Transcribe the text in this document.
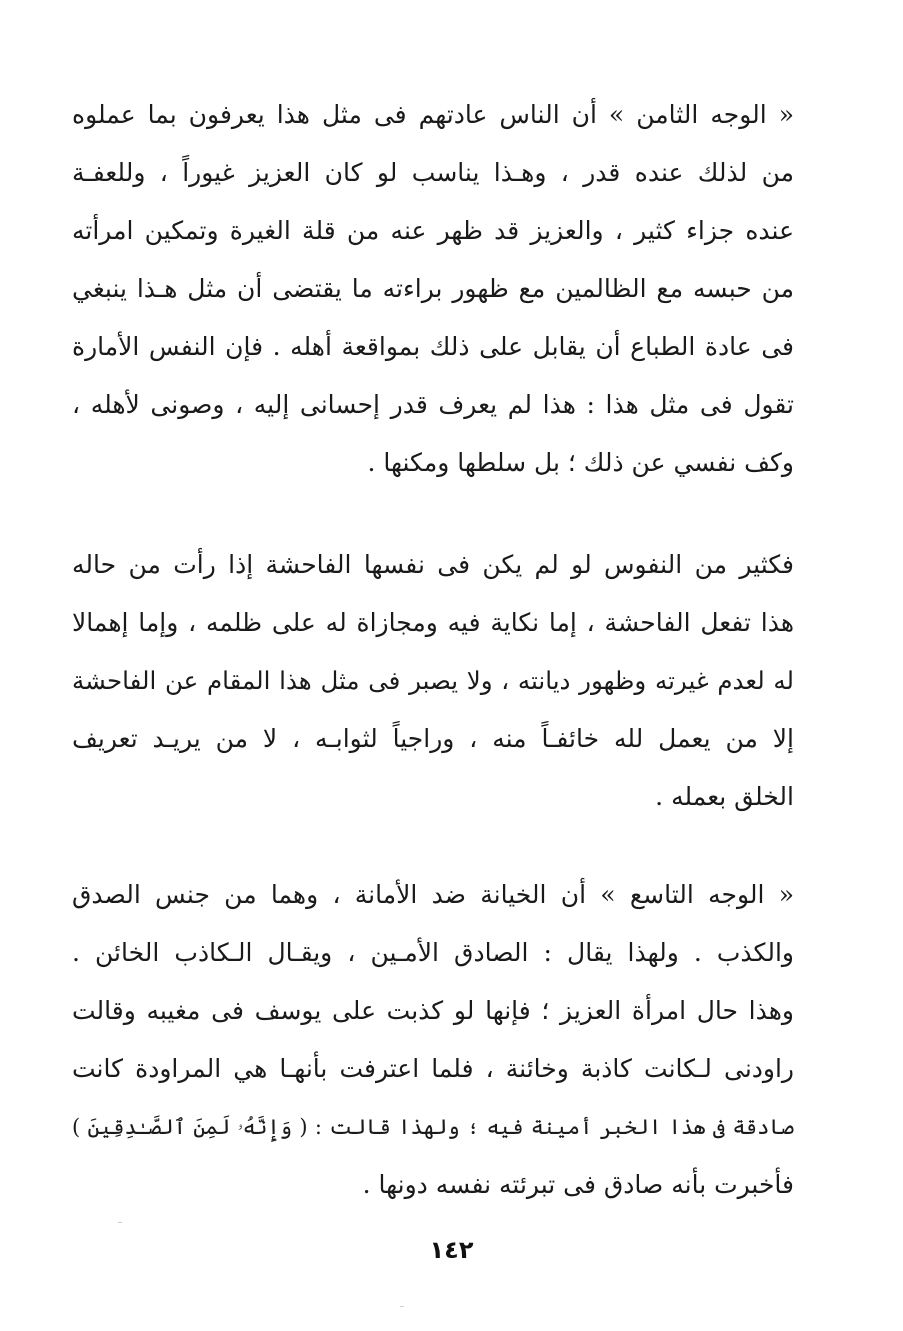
« الوجه الثامن » أن الناس عادتهم فى مثل هذا يعرفون بما عملوه
من لذلك عنده قدر ، وهـذا يناسب لو كان العزيز غيوراً ، وللعفـة
عنده جزاء كثير ، والعزيز قد ظهر عنه من قلة الغيرة وتمكين امرأته
من حبسه مع الظالمين مع ظهور براءته ما يقتضى أن مثل هـذا ينبغي
فى عادة الطباع أن يقابل على ذلك بمواقعة أهله . فإن النفس الأمارة
تقول فى مثل هذا : هذا لم يعرف قدر إحسانى إليه ، وصونى لأهله ،
وكف نفسي عن ذلك ؛ بل سلطها ومكنها .
فكثير من النفوس لو لم يكن فى نفسها الفاحشة إذا رأت من حاله
هذا تفعل الفاحشة ، إما نكاية فيه ومجازاة له على ظلمه ، وإما إهمالا
له لعدم غيرته وظهور ديانته ، ولا يصبر فى مثل هذا المقام عن الفاحشة
إلا من يعمل لله خائفـاً منه ، وراجياً لثوابـه ، لا من يريـد تعريف
الخلق بعمله .
« الوجه التاسع » أن الخيانة ضد الأمانة ، وهما من جنس الصدق
والكذب . ولهذا يقال : الصادق الأمـين ، ويقـال الـكاذب الخائن .
وهذا حال امرأة العزيز ؛ فإنها لو كذبت على يوسف فى مغيبه وقالت
راودنى لـكانت كاذبة وخائنة ، فلما اعترفت بأنهـا هي المراودة كانت
صادقة فى هذا الخبر أمينة فيه ؛ ولهذا قالت : ( وَإِنَّهُۥ لَمِنَ ٱلصَّـٰدِقِينَ )
فأخبرت بأنه صادق فى تبرئته نفسه دونها .
١٤٢
